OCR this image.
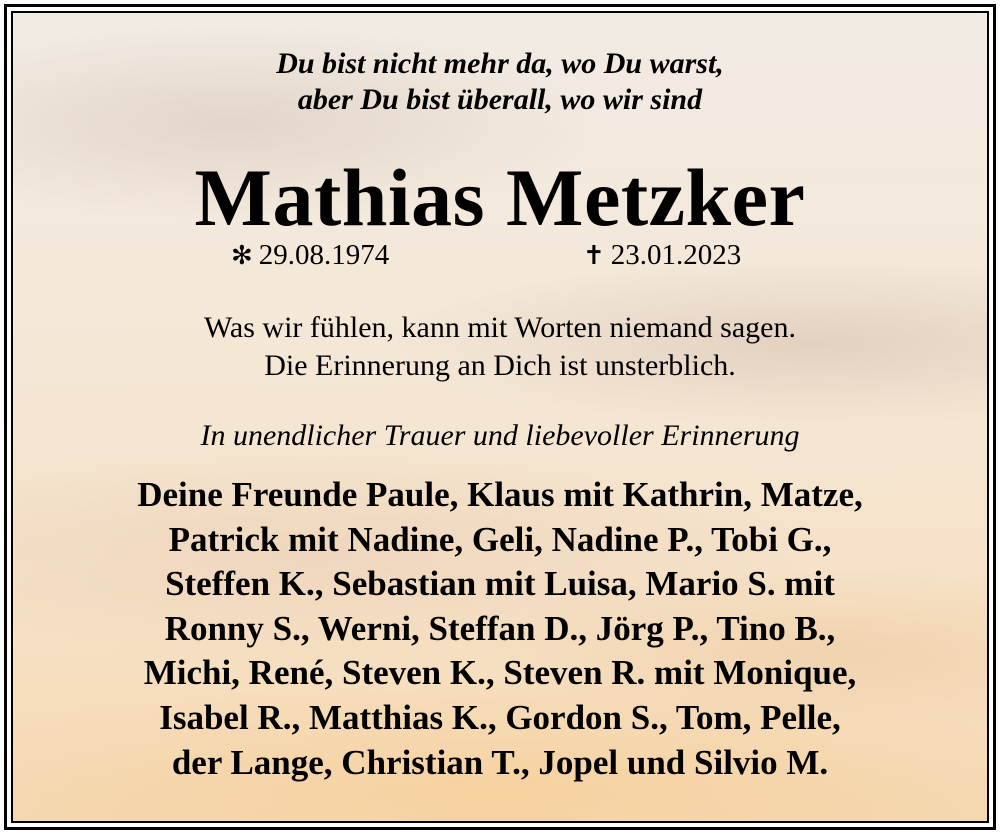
Du bist nicht mehr da, wo Du warst,
aber Du bist überall, wo wir sind
Mathias Metzker
✻ 29.08.1974	✝ 23.01.2023
Was wir fühlen, kann mit Worten niemand sagen.
Die Erinnerung an Dich ist unsterblich.
In unendlicher Trauer und liebevoller Erinnerung
Deine Freunde Paule, Klaus mit Kathrin, Matze,
Patrick mit Nadine, Geli, Nadine P., Tobi G.,
Steffen K., Sebastian mit Luisa, Mario S. mit
Ronny S., Werni, Steffan D., Jörg P., Tino B.,
Michi, René, Steven K., Steven R. mit Monique,
Isabel R., Matthias K., Gordon S., Tom, Pelle,
der Lange, Christian T., Jopel und Silvio M.
